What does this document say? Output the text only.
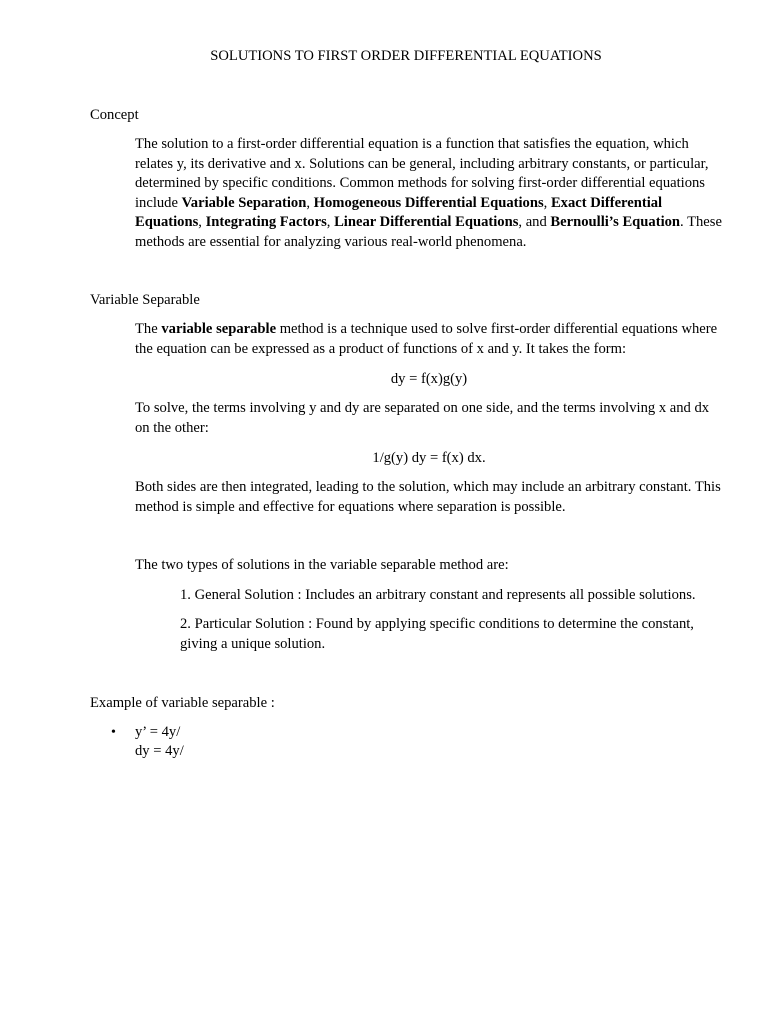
SOLUTIONS TO FIRST ORDER DIFFERENTIAL EQUATIONS
Concept

The solution to a first-order differential equation is a function that satisfies the equation, which relates y, its derivative and x. Solutions can be general, including arbitrary constants, or particular, determined by specific conditions. Common methods for solving first-order differential equations include Variable Separation, Homogeneous Differential Equations, Exact Differential Equations, Integrating Factors, Linear Differential Equations, and Bernoulli’s Equation. These methods are essential for analyzing various real-world phenomena.

Variable Separable

The variable separable method is a technique used to solve first-order differential equations where the equation can be expressed as a product of functions of x and y. It takes the form:

dy = f(x)g(y)

To solve, the terms involving y and dy are separated on one side, and the terms involving x and dx on the other:

1/g(y) dy = f(x) dx.

Both sides are then integrated, leading to the solution, which may include an arbitrary constant. This method is simple and effective for equations where separation is possible.

The two types of solutions in the variable separable method are:

1. General Solution : Includes an arbitrary constant and represents all possible solutions.

2. Particular Solution : Found by applying specific conditions to determine the constant, giving a unique solution.

Example of variable separable :
• y’ = 4y/

dy = 4y/
